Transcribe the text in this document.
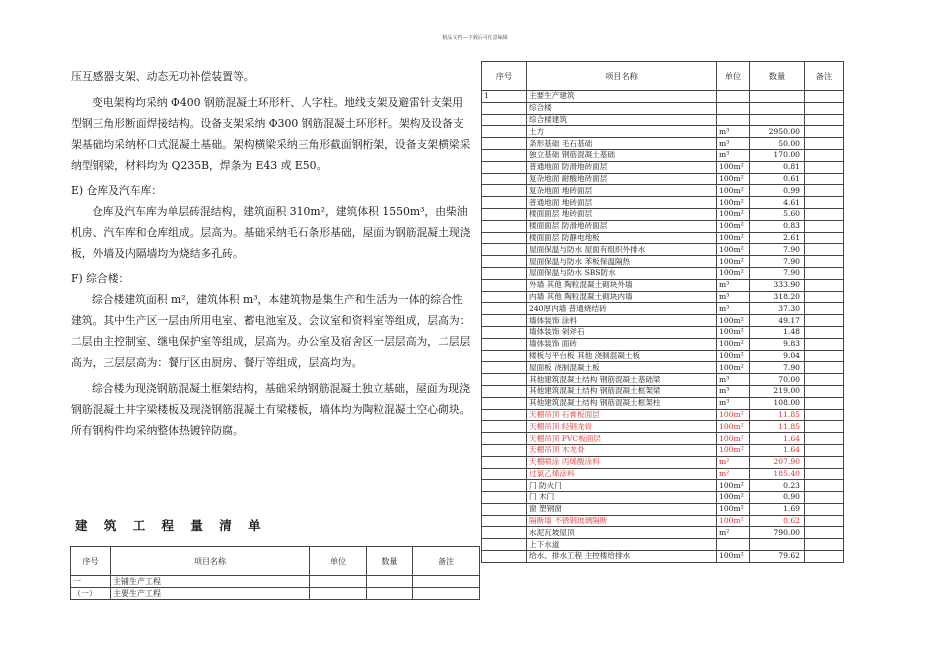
精品文档---下载后可任意编辑

压互感器支架、动态无功补偿装置等。

变电架构均采纳 Φ400 钢筋混凝土环形杆、人字柱。地线支架及避雷针支架用型钢三角形断面焊接结构。设备支架采纳 Φ300 钢筋混凝土环形杆。架构及设备支架基础均采纳杯口式混凝土基础。架构横梁采纳三角形截面钢桁架，设备支架横梁采纳型钢梁，材料均为 Q235B，焊条为 E43 或 E50。

E) 仓库及汽车库：

仓库及汽车库为单层砖混结构，建筑面积 310m²，建筑体积 1550m³，由柴油机房、汽车库和仓库组成。层高为。基础采纳毛石条形基础，屋面为钢筋混凝土现浇板，外墙及内隔墙均为烧结多孔砖。

F) 综合楼：

综合楼建筑面积 m²，建筑体积 m³，本建筑物是集生产和生活为一体的综合性建筑。其中生产区一层由所用电室、蓄电池室及、会议室和资料室等组成，层高为：二层由主控制室、继电保护室等组成，层高为。办公室及宿舍区一层层高为，二层层高为，三层层高为：餐厅区由厨房、餐厅等组成，层高均为。

综合楼为现浇钢筋混凝土框架结构，基础采纳钢筋混凝土独立基础，屋面为现浇钢筋混凝土井字梁楼板及现浇钢筋混凝土有梁楼板，墙体均为陶粒混凝土空心砌块。

所有钢构件均采纳整体热镀锌防腐。

建 筑 工 程 量 清 单
序号	项目名称	单位	数量	备注
一	主铺生产工程			
（一）	主要生产工程			
序号	项目名称	单位	数量	备注
1	主要生产建筑			
	综合楼			
	综合楼建筑			
	土方	m³	2950.00	
	条形基础 毛石基础	m³	50.00	
	独立基础 钢筋混凝土基础	m³	170.00	
	普通地面 防滑地砖面层	100m²	0.81	
	复杂地面 耐酸地砖面层	100m²	0.61	
	复杂地面 地砖面层	100m²	0.99	
	普通地面 地砖面层	100m²	4.61	
	楼面面层 地砖面层	100m²	5.60	
	楼面面层 防滑地砖面层	100m²	0.83	
	楼面面层 防静电地板	100m²	2.61	
	屋面保温与防水 屋面有组织外排水	100m²	7.90	
	屋面保温与防水 苯板保温隔热	100m²	7.90	
	屋面保温与防水 SBS防水	100m²	7.90	
	外墙 其他 陶粒混凝土砌块外墙	m³	333.90	
	内墙 其他 陶粒混凝土砌块内墙	m³	318.20	
	240厚内墙 普通烧结砖	m³	37.30	
	墙体装饰 涂料	100m²	49.17	
	墙体装饰 剁斧石	100m²	1.48	
	墙体装饰 面砖	100m²	9.83	
	楼板与平台板 其他 浇制混凝土板	100m²	9.04	
	屋面板 浇制混凝土板	100m²	7.90	
	其他建筑混凝土结构 钢筋混凝土基础梁	m³	70.00	
	其他建筑混凝土结构 钢筋混凝土框架梁	m³	219.00	
	其他建筑混凝土结构 钢筋混凝土框架柱	m³	108.00	
	天棚吊顶 石膏板面层	100m²	11.85	
	天棚吊顶 轻钢龙骨	100m²	11.85	
	天棚吊顶 PVC板面层	100m²	1.64	
	天棚吊顶 木龙骨	100m²	1.64	
	天棚喷涂 丙烯酸涂料	m²	207.90	
	过氯乙烯涂料	m²	185.40	
	门 防火门	100m²	0.23	
	门 木门	100m²	0.90	
	窗 塑钢窗	100m²	1.69	
	隔断墙 不锈钢玻璃隔断	100m²	0.62	
	水泥瓦坡屋顶	m²	790.00	
	上下水道			
	给水、排水工程 主控楼给排水	100m²	79.62	
